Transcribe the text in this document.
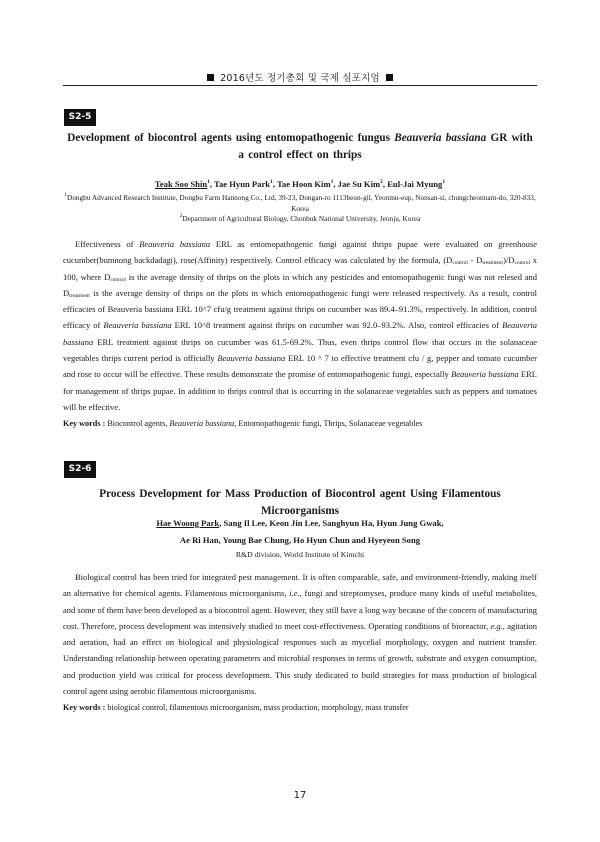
2016년도 정기총회 및 국제 심포지엄
S2-5
Development of biocontrol agents using entomopathogenic fungus Beauveria bassiana GR with a control effect on thrips
Teak Soo Shin$^1$, Tae Hyun Park$^1$, Tae Hoon Kim$^1$, Jae Su Kim$^2$, Eul-Jai Myung$^1$
$^1$Dongbu Advanced Research Institute, Dongbu Farm Hannong Co., Ltd, 39-23, Dongan-ro 1113beon-gil, Yeonmu-eup, Nonsan-si, chungcheonnam-do, 320-833, Korea
$^2$Department of Agricultural Biology, Chonbuk National University, Jeonju, Korea

Effectiveness of Beauveria bassiana ERL as entomopathogenic fungi against thrips pupae were evaluated on greenhouse cucumber(bumnong backdadagi), rose(Affinity) respectively. Control efficacy was calculated by the formula, $(D_{control} - D_{treatment})/D_{control}$ x 100, where $D_{control}$ is the average density of thrips on the plots in which any pesticides and entomopathogenic fungi was not relesed and $D_{treatment}$ is the average density of thrips on the plots in which entomopathogenic fungi were released respectively. As a result, control efficacies of Beauveria bassiana ERL 10^7 cfu/g treatment against thrips on cucumber was 89.4–91.3%, respectively. In addition, control efficacy of Beauveria bassiana ERL 10^8 treatment against thrips on cucumber was 92.0–93.2%. Also, control efficacies of Beauveria bassiana ERL treatment against thrips on cucumber was 61.5-69.2%. Thus, even thrips control flow that occurs in the solanaceae vegetables thrips current period is officially Beauveria bassiana ERL 10 ^ 7 to effective treatment cfu / g, pepper and tomato cucumber and rose to occur will be effective. These results demonstrate the promise of entomopathogenic fungi, especially Beauveria bassiana ERL for management of thrips pupae. In addition to thrips control that is occurring in the solanaceae vegetables such as peppers and tomatoes will be effective.

Key words : Biocontrol agents, Beauveria bassiana, Entomopathogenic fungi, Thrips, Solanaceae vegetables
S2-6
Process Development for Mass Production of Biocontrol agent Using Filamentous Microorganisms
Hae Woong Park, Sang Il Lee, Keon Jin Lee, Sanghyun Ha, Hyun Jung Gwak,
Ae Ri Han, Young Bae Chung, Ho Hyun Chun and Hyeyeon Song
R&D division, World Institute of Kimchi

Biological control has been tried for integrated pest management. It is often comparable, safe, and environment-friendly, making itself an alternative for chemical agents. Filamentous microorganisms, i.e., fungi and streptomyses, produce many kinds of useful metabolites, and some of them have been developed as a biocontrol agent. However, they still have a long way because of the concern of manufacturing cost. Therefore, process development was intensively studied to meet cost-effectiveness. Operating conditions of bioreactor, e.g., agitation and aeration, had an effect on biological and physiological responses such as mycelial morphology, oxygen and nutrient transfer. Understanding relationship between operating parameters and microbial responses in terms of growth, substrate and oxygen consumption, and production yield was critical for process development. This study dedicated to build strategies for mass production of biological control agent using aerobic filamentous microorganisms.

Key words : biological control, filamentous microorganism, mass production, morphology, mass transfer
17
